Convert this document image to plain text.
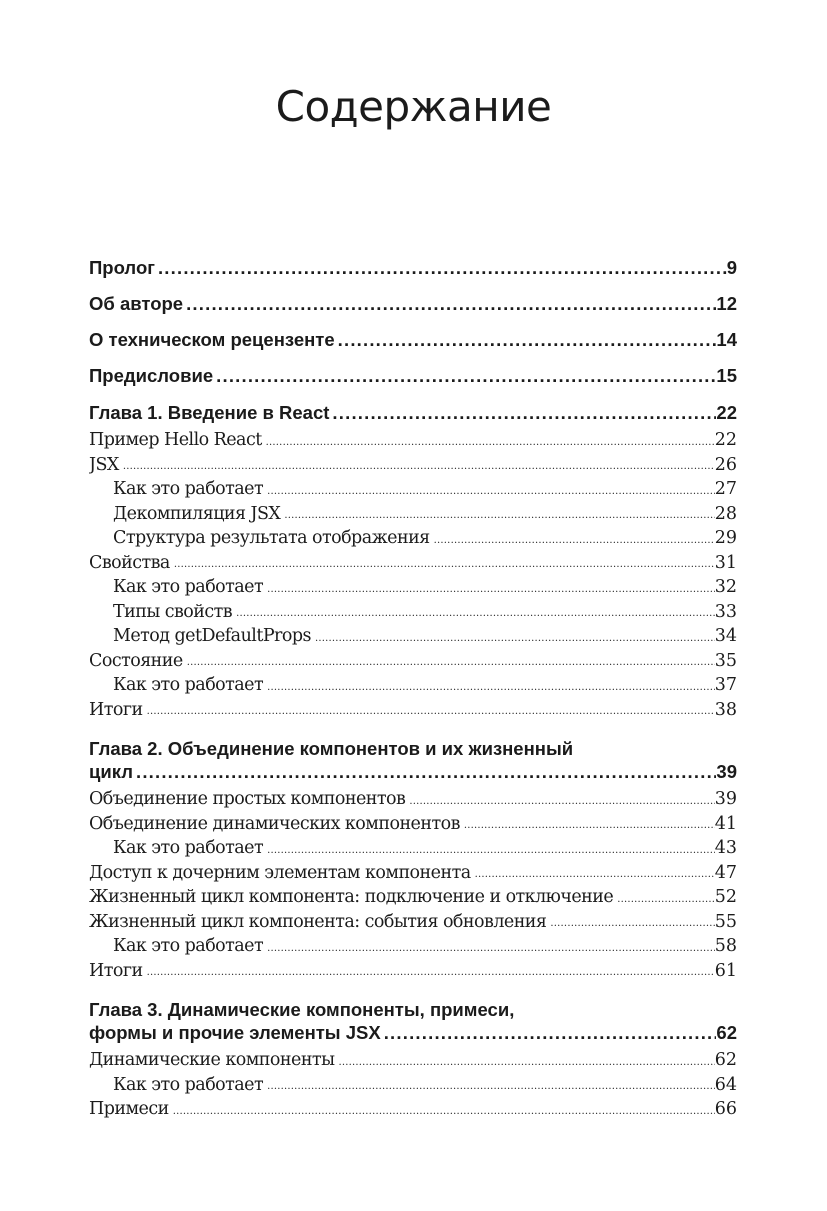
Содержание
Пролог .....	9
Об авторе .....	12
О техническом рецензенте .....	14
Предисловие .....	15
Глава 1. Введение в React .....	22
Пример Hello React .....	22
JSX .....	26
Как это работает .....	27
Декомпиляция JSX .....	28
Структура результата отображения .....	29
Свойства .....	31
Как это работает .....	32
Типы свойств .....	33
Метод getDefaultProps .....	34
Состояние .....	35
Как это работает .....	37
Итоги .....	38
Глава 2. Объединение компонентов и их жизненный
цикл .....	39
Объединение простых компонентов .....	39
Объединение динамических компонентов .....	41
Как это работает .....	43
Доступ к дочерним элементам компонента .....	47
Жизненный цикл компонента: подключение и отключение .....	52
Жизненный цикл компонента: события обновления .....	55
Как это работает .....	58
Итоги .....	61
Глава 3. Динамические компоненты, примеси,
формы и прочие элементы JSX .....	62
Динамические компоненты .....	62
Как это работает .....	64
Примеси .....	66
